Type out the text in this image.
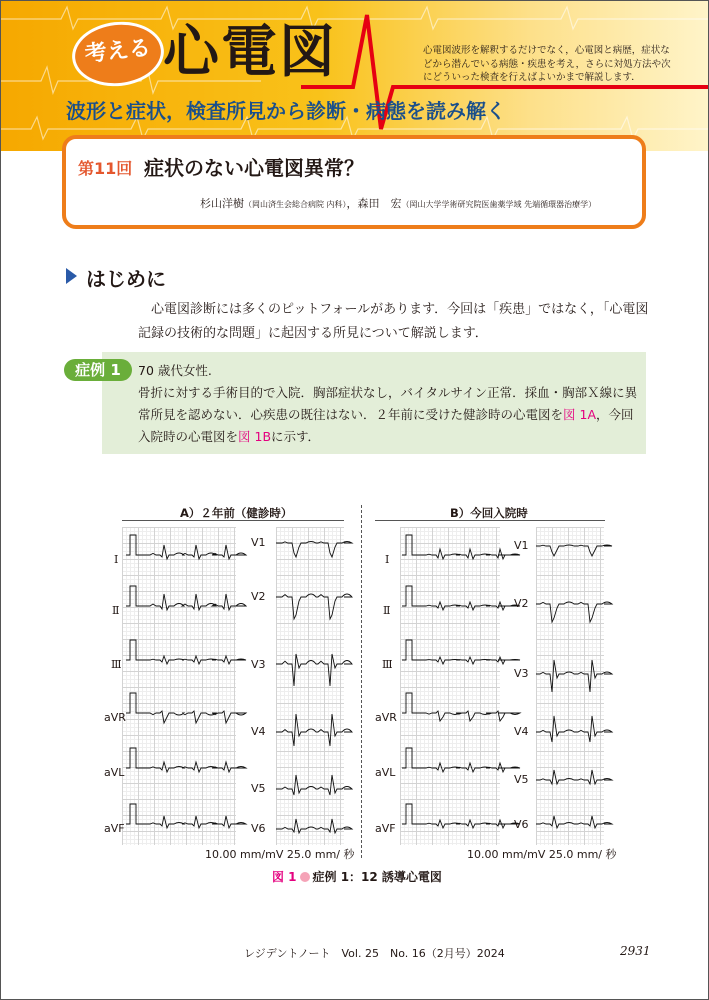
考える 心電図	心電図波形を解釈するだけでなく，心電図と病歴，症状などから潜んでいる病態・疾患を考え，さらに対処方法や次にどういった検査を行えばよいかまで解説します．
波形と症状，検査所見から診断・病態を読み解く
第11回 症状のない心電図異常？
杉山洋樹（岡山済生会総合病院 内科），森田　宏（岡山大学学術研究院医歯薬学域 先端循環器治療学）
はじめに
心電図診断には多くのピットフォールがあります．今回は「疾患」ではなく，「心電図記録の技術的な問題」に起因する所見について解説します．
症例 1	70 歳代女性.
骨折に対する手術目的で入院．胸部症状なし，バイタルサイン正常．採血・胸部Ｘ線に異常所見を認めない．心疾患の既往はない．２年前に受けた健診時の心電図を図 1A，今回入院時の心電図を図 1Bに示す．
A）２年前（健診時）	B）今回入院時
Ⅰ
Ⅱ
Ⅲ
aVR
aVL
aVF
V1
V2
V3
V4
V5
V6
Ⅰ
Ⅱ
Ⅲ
aVR
aVL
aVF
V1
V2
V3
V4
V5
V6
10.00 mm/mV 25.0 mm/ 秒	10.00 mm/mV 25.0 mm/ 秒
図 1 症例 1：12 誘導心電図
レジデントノート　Vol. 25　No. 16（2月号）2024	2931
